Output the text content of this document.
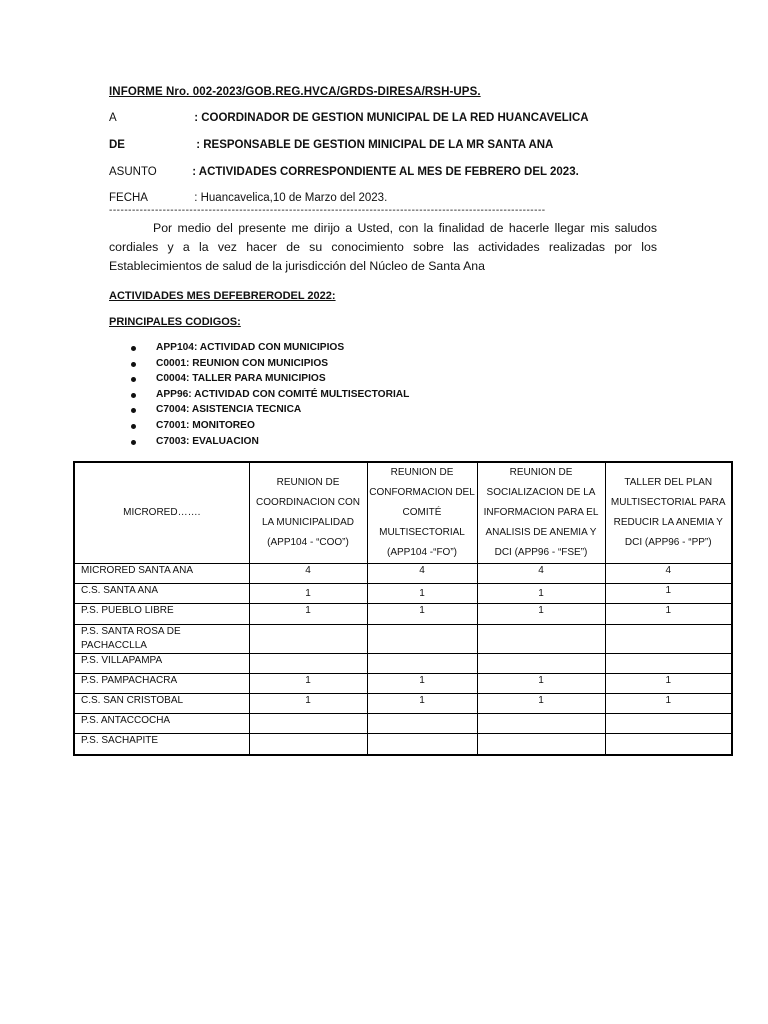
INFORME Nro. 002-2023/GOB.REG.HVCA/GRDS-DIRESA/RSH-UPS.
A	: COORDINADOR DE GESTION MUNICIPAL DE LA RED HUANCAVELICA
DE	: RESPONSABLE DE GESTION MINICIPAL DE LA MR SANTA ANA
ASUNTO	: ACTIVIDADES CORRESPONDIENTE AL MES DE FEBRERO DEL 2023.
FECHA	: Huancavelica,10 de Marzo del 2023.
------------------------------------------------------------------------------------------------------------------
Por medio del presente me dirijo a Usted, con la finalidad de hacerle llegar mis saludos cordiales y a la vez hacer de su conocimiento sobre las actividades realizadas por los Establecimientos de salud de la jurisdicción del Núcleo de Santa Ana
ACTIVIDADES MES DEFEBRERODEL 2022:
PRINCIPALES CODIGOS:
APP104: ACTIVIDAD CON MUNICIPIOS
C0001: REUNION CON MUNICIPIOS
C0004: TALLER PARA MUNICIPIOS
APP96: ACTIVIDAD CON COMITÉ MULTISECTORIAL
C7004: ASISTENCIA TECNICA
C7001: MONITOREO
C7003: EVALUACION
MICRORED…….	REUNION DE COORDINACION CON LA MUNICIPALIDAD (APP104 - “COO”)	REUNION DE CONFORMACION DEL COMITÉ MULTISECTORIAL (APP104 -“FO”)	REUNION DE SOCIALIZACION DE LA INFORMACION PARA EL ANALISIS DE ANEMIA Y DCI (APP96 - “FSE”)	TALLER DEL PLAN MULTISECTORIAL PARA REDUCIR LA ANEMIA Y DCI (APP96 - “PP”)
MICRORED SANTA ANA	4	4	4	4
C.S. SANTA ANA	1	1	1	1
P.S. PUEBLO LIBRE	1	1	1	1
P.S. SANTA ROSA DE PACHACCLLA				
P.S. VILLAPAMPA				
P.S. PAMPACHACRA	1	1	1	1
C.S. SAN CRISTOBAL	1	1	1	1
P.S. ANTACCOCHA				
P.S. SACHAPITE				
